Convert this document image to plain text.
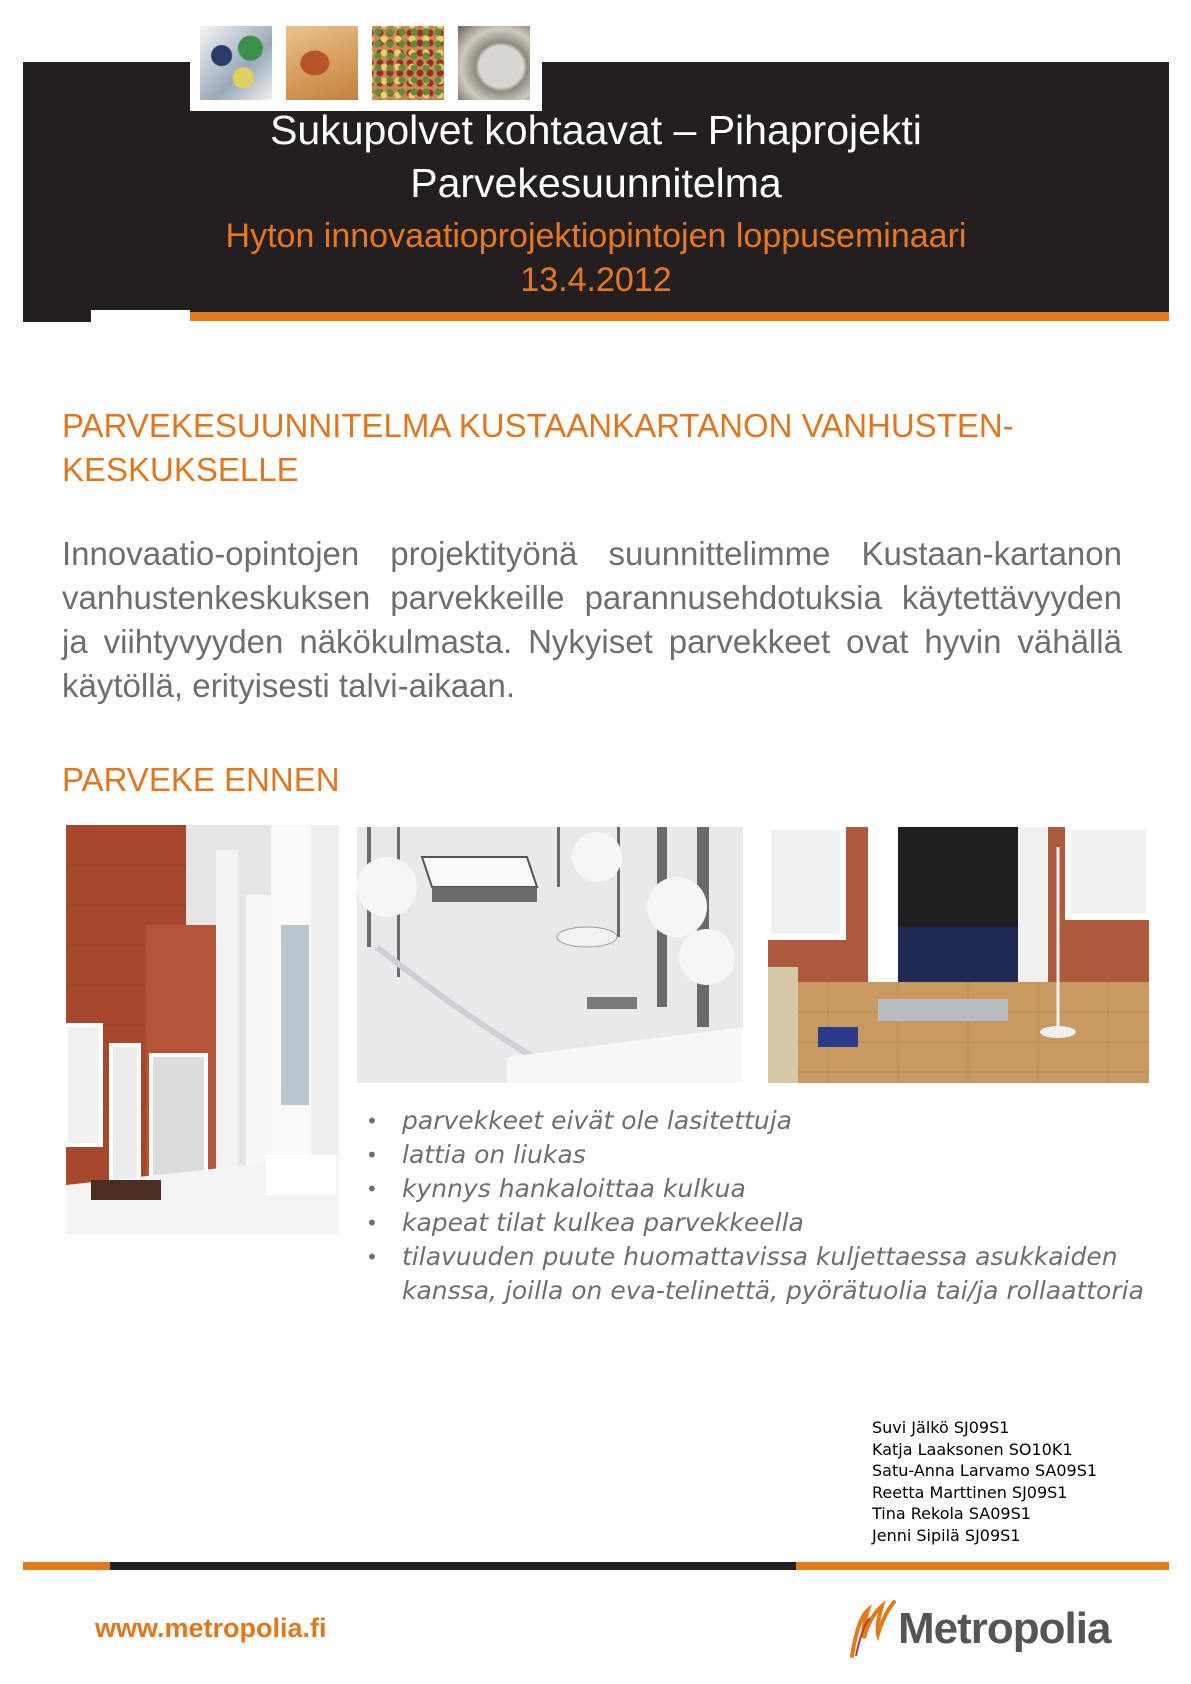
Sukupolvet kohtaavat – Pihaprojekti
Parvekesuunnitelma
Hyton innovaatioprojektiopintojen loppuseminaari
13.4.2012
PARVEKESUUNNITELMA KUSTAANKARTANON VANHUSTEN-
KESKUKSELLE
Innovaatio-opintojen projektityönä suunnittelimme Kustaan-kartanon vanhustenkeskuksen parvekkeille parannusehdotuksia käytettävyyden ja viihtyvyyden näkökulmasta. Nykyiset parvekkeet ovat hyvin vähällä käytöllä, erityisesti talvi-aikaan.
PARVEKE ENNEN
• parvekkeet eivät ole lasitettuja
• lattia on liukas
• kynnys hankaloittaa kulkua
• kapeat tilat kulkea parvekkeella
• tilavuuden puute huomattavissa kuljettaessa asukkaiden kanssa, joilla on eva-telinettä, pyörätuolia tai/ja rollaattoria
Suvi Jälkö SJ09S1
Katja Laaksonen SO10K1
Satu-Anna Larvamo SA09S1
Reetta Marttinen SJ09S1
Tina Rekola SA09S1
Jenni Sipilä SJ09S1
www.metropolia.fi	Metropolia
